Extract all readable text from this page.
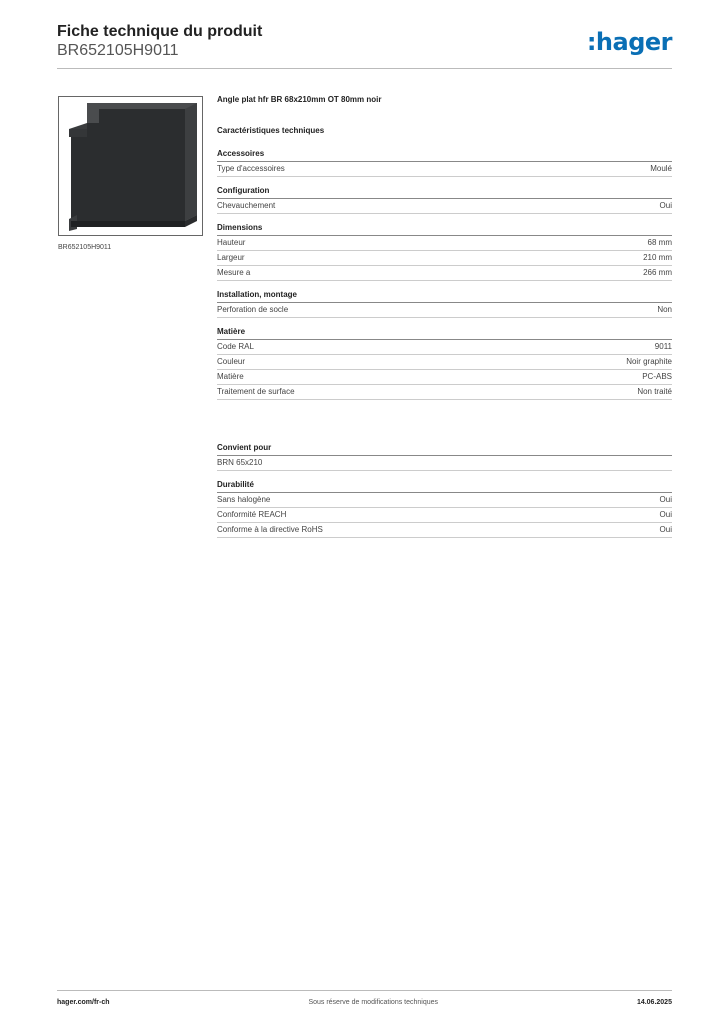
Fiche technique du produit
BR652105H9011	:hager
BR652105H9011
Angle plat hfr BR 68x210mm OT 80mm noir
Caractéristiques techniques
Accessoires
Type d'accessoires	Moulé
Configuration
Chevauchement	Oui
Dimensions
Hauteur	68 mm
Largeur	210 mm
Mesure a	266 mm
Installation, montage
Perforation de socle	Non
Matière
Code RAL	9011
Couleur	Noir graphite
Matière	PC-ABS
Traitement de surface	Non traité
Convient pour
BRN 65x210
Durabilité
Sans halogène	Oui
Conformité REACH	Oui
Conforme à la directive RoHS	Oui
hager.com/fr-ch	Sous réserve de modifications techniques	14.06.2025
